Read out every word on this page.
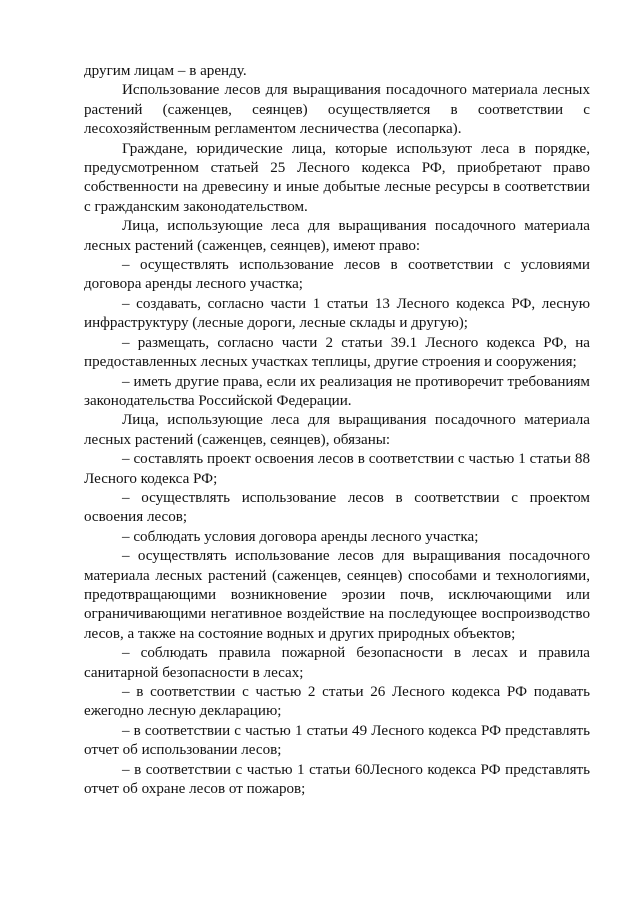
другим лицам – в аренду.

Использование лесов для выращивания посадочного материала лесных растений (саженцев, сеянцев) осуществляется в соответствии с лесохозяйственным регламентом лесничества (лесопарка).

Граждане, юридические лица, которые используют леса в порядке, предусмотренном статьей 25 Лесного кодекса РФ, приобретают право собственности на древесину и иные добытые лесные ресурсы в соответствии с гражданским законодательством.

Лица, использующие леса для выращивания посадочного материала лесных растений (саженцев, сеянцев), имеют право:

– осуществлять использование лесов в соответствии с условиями договора аренды лесного участка;

– создавать, согласно части 1 статьи 13 Лесного кодекса РФ, лесную инфраструктуру (лесные дороги, лесные склады и другую);

– размещать, согласно части 2 статьи 39.1 Лесного кодекса РФ, на предоставленных лесных участках теплицы, другие строения и сооружения;

– иметь другие права, если их реализация не противоречит требованиям законодательства Российской Федерации.

Лица, использующие леса для выращивания посадочного материала лесных растений (саженцев, сеянцев), обязаны:

– составлять проект освоения лесов в соответствии с частью 1 статьи 88 Лесного кодекса РФ;

– осуществлять использование лесов в соответствии с проектом освоения лесов;

– соблюдать условия договора аренды лесного участка;

– осуществлять использование лесов для выращивания посадочного материала лесных растений (саженцев, сеянцев) способами и технологиями, предотвращающими возникновение эрозии почв, исключающими или ограничивающими негативное воздействие на последующее воспроизводство лесов, а также на состояние водных и других природных объектов;

– соблюдать правила пожарной безопасности в лесах и правила санитарной безопасности в лесах;

– в соответствии с частью 2 статьи 26 Лесного кодекса РФ подавать ежегодно лесную декларацию;

– в соответствии с частью 1 статьи 49 Лесного кодекса РФ представлять отчет об использовании лесов;

– в соответствии с частью 1 статьи 60Лесного кодекса РФ представлять отчет об охране лесов от пожаров;
